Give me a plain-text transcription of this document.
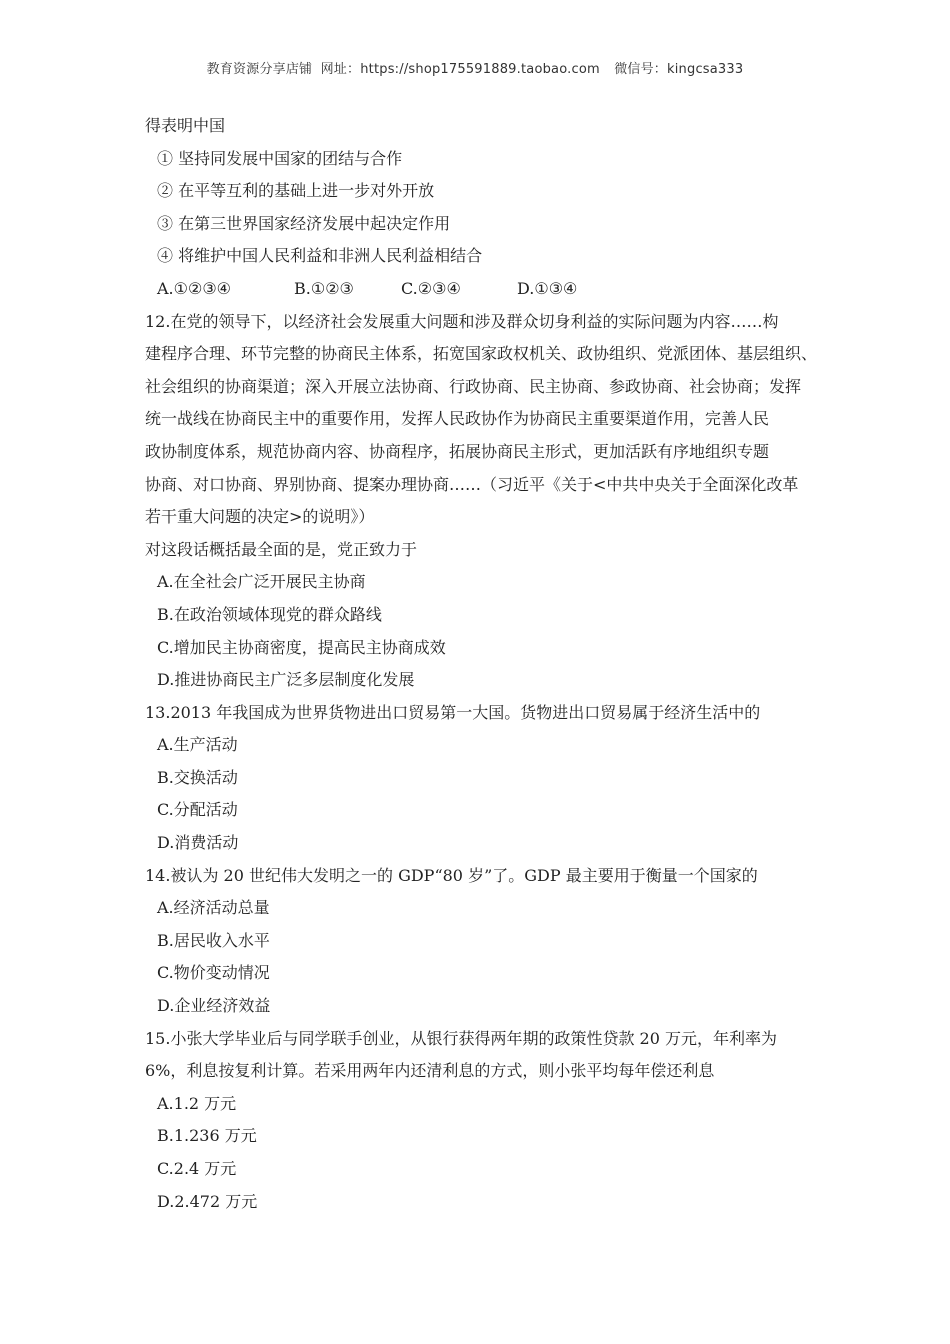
教育资源分享店铺 网址：https://shop175591889.taobao.com 微信号：kingcsa333
得表明中国
① 坚持同发展中国家的团结与合作
② 在平等互利的基础上进一步对外开放
③ 在第三世界国家经济发展中起决定作用
④ 将维护中国人民利益和非洲人民利益相结合
A.①②③④	B.①②③	C.②③④	D.①③④
12.在党的领导下，以经济社会发展重大问题和涉及群众切身利益的实际问题为内容……构
建程序合理、环节完整的协商民主体系，拓宽国家政权机关、政协组织、党派团体、基层组织、
社会组织的协商渠道；深入开展立法协商、行政协商、民主协商、参政协商、社会协商；发挥
统一战线在协商民主中的重要作用，发挥人民政协作为协商民主重要渠道作用，完善人民
政协制度体系，规范协商内容、协商程序，拓展协商民主形式，更加活跃有序地组织专题
协商、对口协商、界别协商、提案办理协商……（习近平《关于<中共中央关于全面深化改革
若干重大问题的决定>的说明》）
对这段话概括最全面的是，党正致力于
A.在全社会广泛开展民主协商
B.在政治领域体现党的群众路线
C.增加民主协商密度，提高民主协商成效
D.推进协商民主广泛多层制度化发展
13.2013 年我国成为世界货物进出口贸易第一大国。货物进出口贸易属于经济生活中的
A.生产活动
B.交换活动
C.分配活动
D.消费活动
14.被认为 20 世纪伟大发明之一的 GDP“80 岁”了。GDP 最主要用于衡量一个国家的
A.经济活动总量
B.居民收入水平
C.物价变动情况
D.企业经济效益
15.小张大学毕业后与同学联手创业，从银行获得两年期的政策性贷款 20 万元，年利率为
6%，利息按复利计算。若采用两年内还清利息的方式，则小张平均每年偿还利息
A.1.2 万元
B.1.236 万元
C.2.4 万元
D.2.472 万元
